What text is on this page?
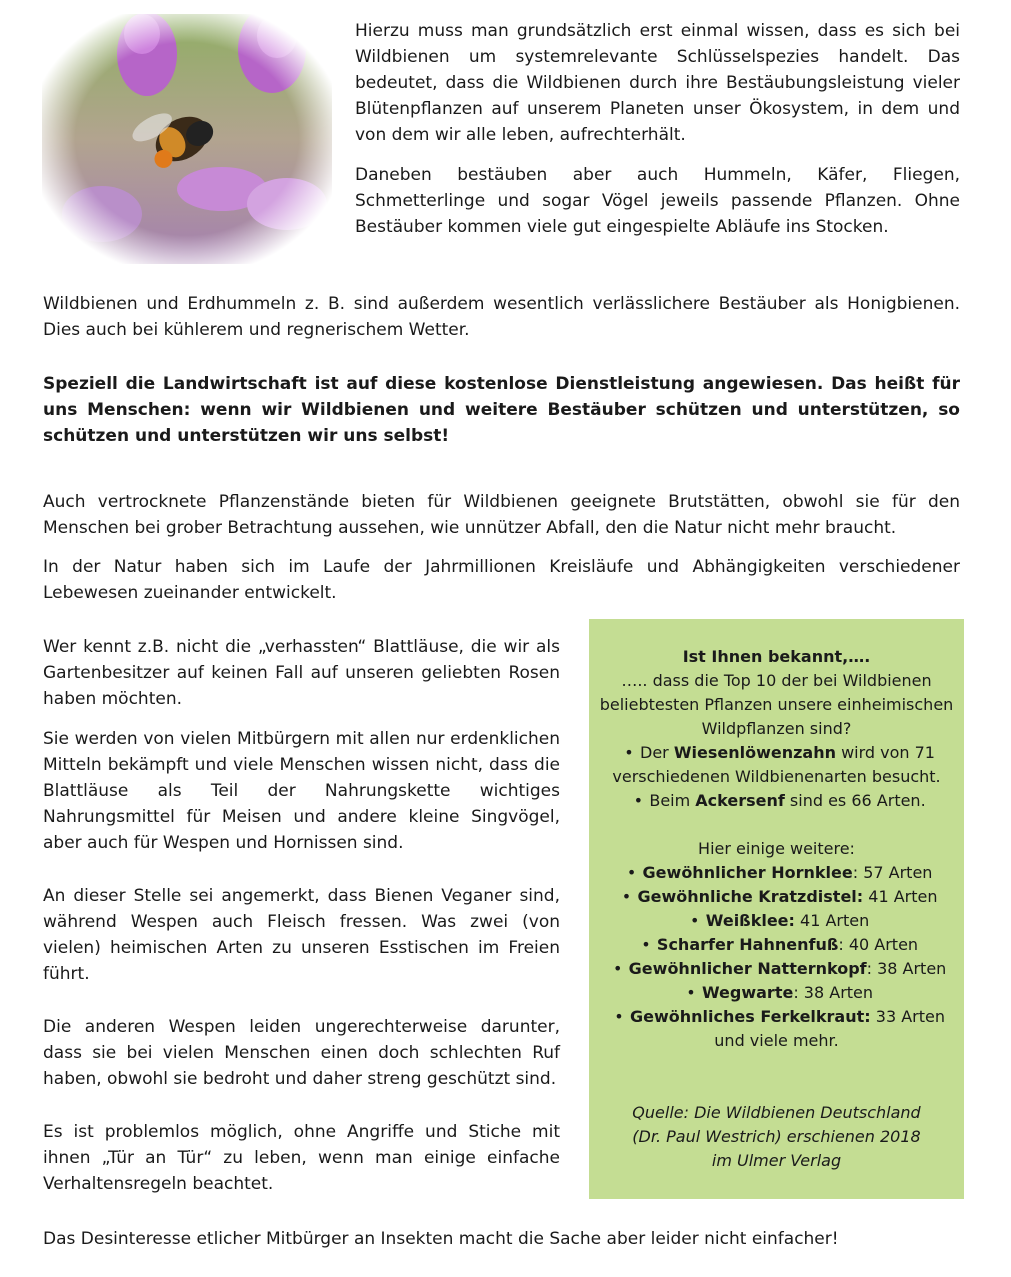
Hierzu muss man grundsätzlich erst einmal wissen, dass es sich bei Wildbienen um systemrelevante Schlüsselspezies handelt. Das bedeutet, dass die Wildbienen durch ihre Bestäubungsleistung vieler Blütenpflanzen auf unserem Planeten unser Ökosystem, in dem und von dem wir alle leben, aufrechterhält.

Daneben bestäuben aber auch Hummeln, Käfer, Fliegen, Schmetterlinge und sogar Vögel jeweils passende Pflanzen. Ohne Bestäuber kommen viele gut eingespielte Abläufe ins Stocken.

Wildbienen und Erdhummeln z. B. sind außerdem wesentlich verlässlichere Bestäuber als Honigbienen. Dies auch bei kühlerem und regnerischem Wetter.

Speziell die Landwirtschaft ist auf diese kostenlose Dienstleistung angewiesen. Das heißt für uns Menschen: wenn wir Wildbienen und weitere Bestäuber schützen und unterstützen, so schützen und unterstützen wir uns selbst!

Auch vertrocknete Pflanzenstände bieten für Wildbienen geeignete Brutstätten, obwohl sie für den Menschen bei grober Betrachtung aussehen, wie unnützer Abfall, den die Natur nicht mehr braucht.

In der Natur haben sich im Laufe der Jahrmillionen Kreisläufe und Abhängigkeiten verschiedener Lebewesen zueinander entwickelt.

Wer kennt z.B. nicht die „verhassten“ Blattläuse, die wir als Gartenbesitzer auf keinen Fall auf unseren geliebten Rosen haben möchten.

Sie werden von vielen Mitbürgern mit allen nur erdenklichen Mitteln bekämpft und viele Menschen wissen nicht, dass die Blattläuse als Teil der Nahrungskette wichtiges Nahrungsmittel für Meisen und andere kleine Singvögel, aber auch für Wespen und Hornissen sind.

An dieser Stelle sei angemerkt, dass Bienen Veganer sind, während Wespen auch Fleisch fressen. Was zwei (von vielen) heimischen Arten zu unseren Esstischen im Freien führt.

Die anderen Wespen leiden ungerechterweise darunter, dass sie bei vielen Menschen einen doch schlechten Ruf haben, obwohl sie bedroht und daher streng geschützt sind.

Es ist problemlos möglich, ohne Angriffe und Stiche mit ihnen „Tür an Tür“ zu leben, wenn man einige einfache Verhaltensregeln beachtet.

Ist Ihnen bekannt,….
….. dass die Top 10 der bei Wildbienen beliebtesten Pflanzen unsere einheimischen Wildpflanzen sind?
• Der Wiesenlöwenzahn wird von 71 verschiedenen Wildbienenarten besucht.
• Beim Ackersenf sind es 66 Arten.
Hier einige weitere:
• Gewöhnlicher Hornklee: 57 Arten
• Gewöhnliche Kratzdistel: 41 Arten
• Weißklee: 41 Arten
• Scharfer Hahnenfuß: 40 Arten
• Gewöhnlicher Natternkopf: 38 Arten
• Wegwarte: 38 Arten
• Gewöhnliches Ferkelkraut: 33 Arten
und viele mehr.
Quelle: Die Wildbienen Deutschland
(Dr. Paul Westrich) erschienen 2018
im Ulmer Verlag

Das Desinteresse etlicher Mitbürger an Insekten macht die Sache aber leider nicht einfacher!
